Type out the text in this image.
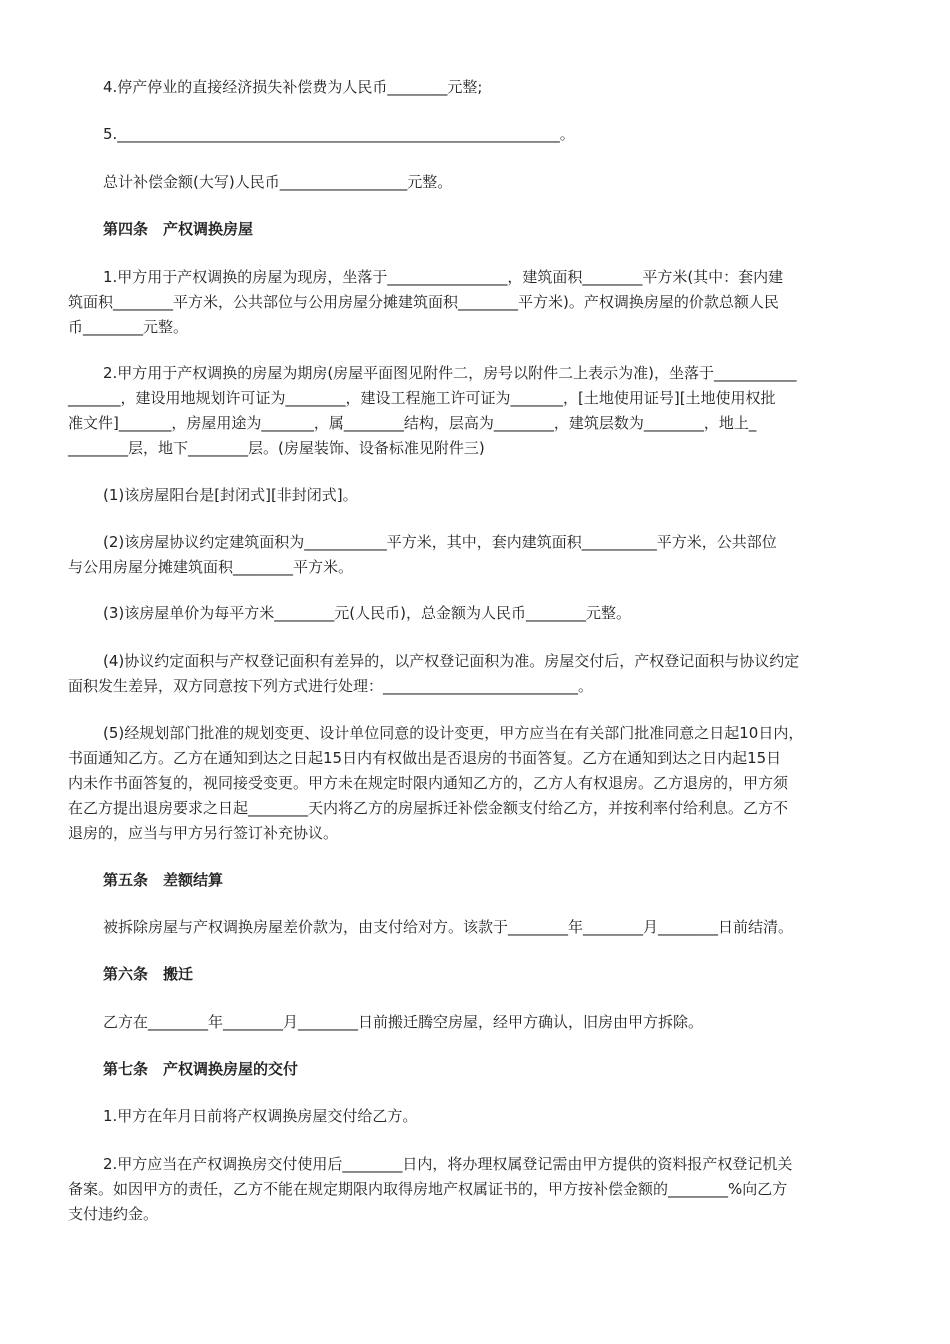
4.停产停业的直接经济损失补偿费为人民币________元整;

5.___________________________________________________________。

总计补偿金额(大写)人民币_________________元整。

第四条　产权调换房屋

1.甲方用于产权调换的房屋为现房，坐落于________________，建筑面积________平方米(其中：套内建

筑面积________平方米，公共部位与公用房屋分摊建筑面积________平方米)。产权调换房屋的价款总额人民

币________元整。

2.甲方用于产权调换的房屋为期房(房屋平面图见附件二，房号以附件二上表示为准)，坐落于___________

_______，建设用地规划许可证为________，建设工程施工许可证为_______，[土地使用证号][土地使用权批

准文件]_______，房屋用途为_______，属________结构，层高为________，建筑层数为________，地上_

________层，地下________层。(房屋装饰、设备标准见附件三)

(1)该房屋阳台是[封闭式][非封闭式]。

(2)该房屋协议约定建筑面积为___________平方米，其中，套内建筑面积__________平方米，公共部位

与公用房屋分摊建筑面积________平方米。

(3)该房屋单价为每平方米________元(人民币)，总金额为人民币________元整。

(4)协议约定面积与产权登记面积有差异的，以产权登记面积为准。房屋交付后，产权登记面积与协议约定

面积发生差异，双方同意按下列方式进行处理：__________________________。

(5)经规划部门批准的规划变更、设计单位同意的设计变更，甲方应当在有关部门批准同意之日起10日内，

书面通知乙方。乙方在通知到达之日起15日内有权做出是否退房的书面答复。乙方在通知到达之日内起15日

内未作书面答复的，视同接受变更。甲方未在规定时限内通知乙方的，乙方人有权退房。乙方退房的，甲方须

在乙方提出退房要求之日起________天内将乙方的房屋拆迁补偿金额支付给乙方，并按利率付给利息。乙方不

退房的，应当与甲方另行签订补充协议。

第五条　差额结算

被拆除房屋与产权调换房屋差价款为，由支付给对方。该款于________年________月________日前结清。

第六条　搬迁

乙方在________年________月________日前搬迁腾空房屋，经甲方确认，旧房由甲方拆除。

第七条　产权调换房屋的交付

1.甲方在年月日前将产权调换房屋交付给乙方。

2.甲方应当在产权调换房交付使用后________日内，将办理权属登记需由甲方提供的资料报产权登记机关

备案。如因甲方的责任，乙方不能在规定期限内取得房地产权属证书的，甲方按补偿金额的________%向乙方

支付违约金。
